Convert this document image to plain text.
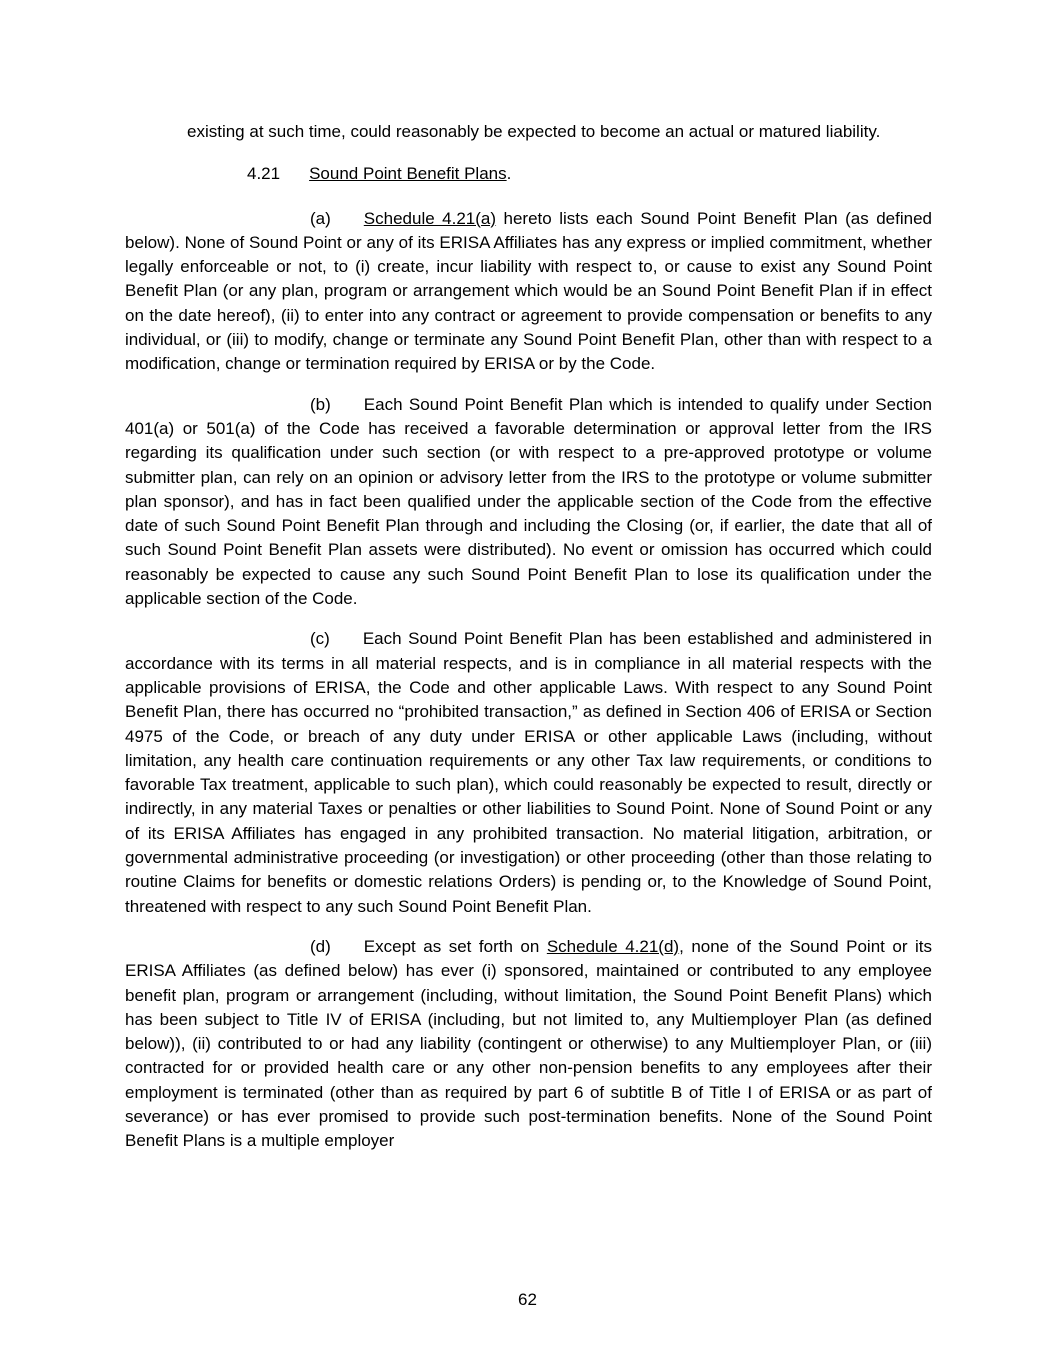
existing at such time, could reasonably be expected to become an actual or matured liability.

4.21 Sound Point Benefit Plans.

(a) Schedule 4.21(a) hereto lists each Sound Point Benefit Plan (as defined below). None of Sound Point or any of its ERISA Affiliates has any express or implied commitment, whether legally enforceable or not, to (i) create, incur liability with respect to, or cause to exist any Sound Point Benefit Plan (or any plan, program or arrangement which would be an Sound Point Benefit Plan if in effect on the date hereof), (ii) to enter into any contract or agreement to provide compensation or benefits to any individual, or (iii) to modify, change or terminate any Sound Point Benefit Plan, other than with respect to a modification, change or termination required by ERISA or by the Code.

(b) Each Sound Point Benefit Plan which is intended to qualify under Section 401(a) or 501(a) of the Code has received a favorable determination or approval letter from the IRS regarding its qualification under such section (or with respect to a pre-approved prototype or volume submitter plan, can rely on an opinion or advisory letter from the IRS to the prototype or volume submitter plan sponsor), and has in fact been qualified under the applicable section of the Code from the effective date of such Sound Point Benefit Plan through and including the Closing (or, if earlier, the date that all of such Sound Point Benefit Plan assets were distributed). No event or omission has occurred which could reasonably be expected to cause any such Sound Point Benefit Plan to lose its qualification under the applicable section of the Code.

(c) Each Sound Point Benefit Plan has been established and administered in accordance with its terms in all material respects, and is in compliance in all material respects with the applicable provisions of ERISA, the Code and other applicable Laws. With respect to any Sound Point Benefit Plan, there has occurred no “prohibited transaction,” as defined in Section 406 of ERISA or Section 4975 of the Code, or breach of any duty under ERISA or other applicable Laws (including, without limitation, any health care continuation requirements or any other Tax law requirements, or conditions to favorable Tax treatment, applicable to such plan), which could reasonably be expected to result, directly or indirectly, in any material Taxes or penalties or other liabilities to Sound Point. None of Sound Point or any of its ERISA Affiliates has engaged in any prohibited transaction. No material litigation, arbitration, or governmental administrative proceeding (or investigation) or other proceeding (other than those relating to routine Claims for benefits or domestic relations Orders) is pending or, to the Knowledge of Sound Point, threatened with respect to any such Sound Point Benefit Plan.

(d) Except as set forth on Schedule 4.21(d), none of the Sound Point or its ERISA Affiliates (as defined below) has ever (i) sponsored, maintained or contributed to any employee benefit plan, program or arrangement (including, without limitation, the Sound Point Benefit Plans) which has been subject to Title IV of ERISA (including, but not limited to, any Multiemployer Plan (as defined below)), (ii) contributed to or had any liability (contingent or otherwise) to any Multiemployer Plan, or (iii) contracted for or provided health care or any other non-pension benefits to any employees after their employment is terminated (other than as required by part 6 of subtitle B of Title I of ERISA or as part of severance) or has ever promised to provide such post-termination benefits. None of the Sound Point Benefit Plans is a multiple employer

62
